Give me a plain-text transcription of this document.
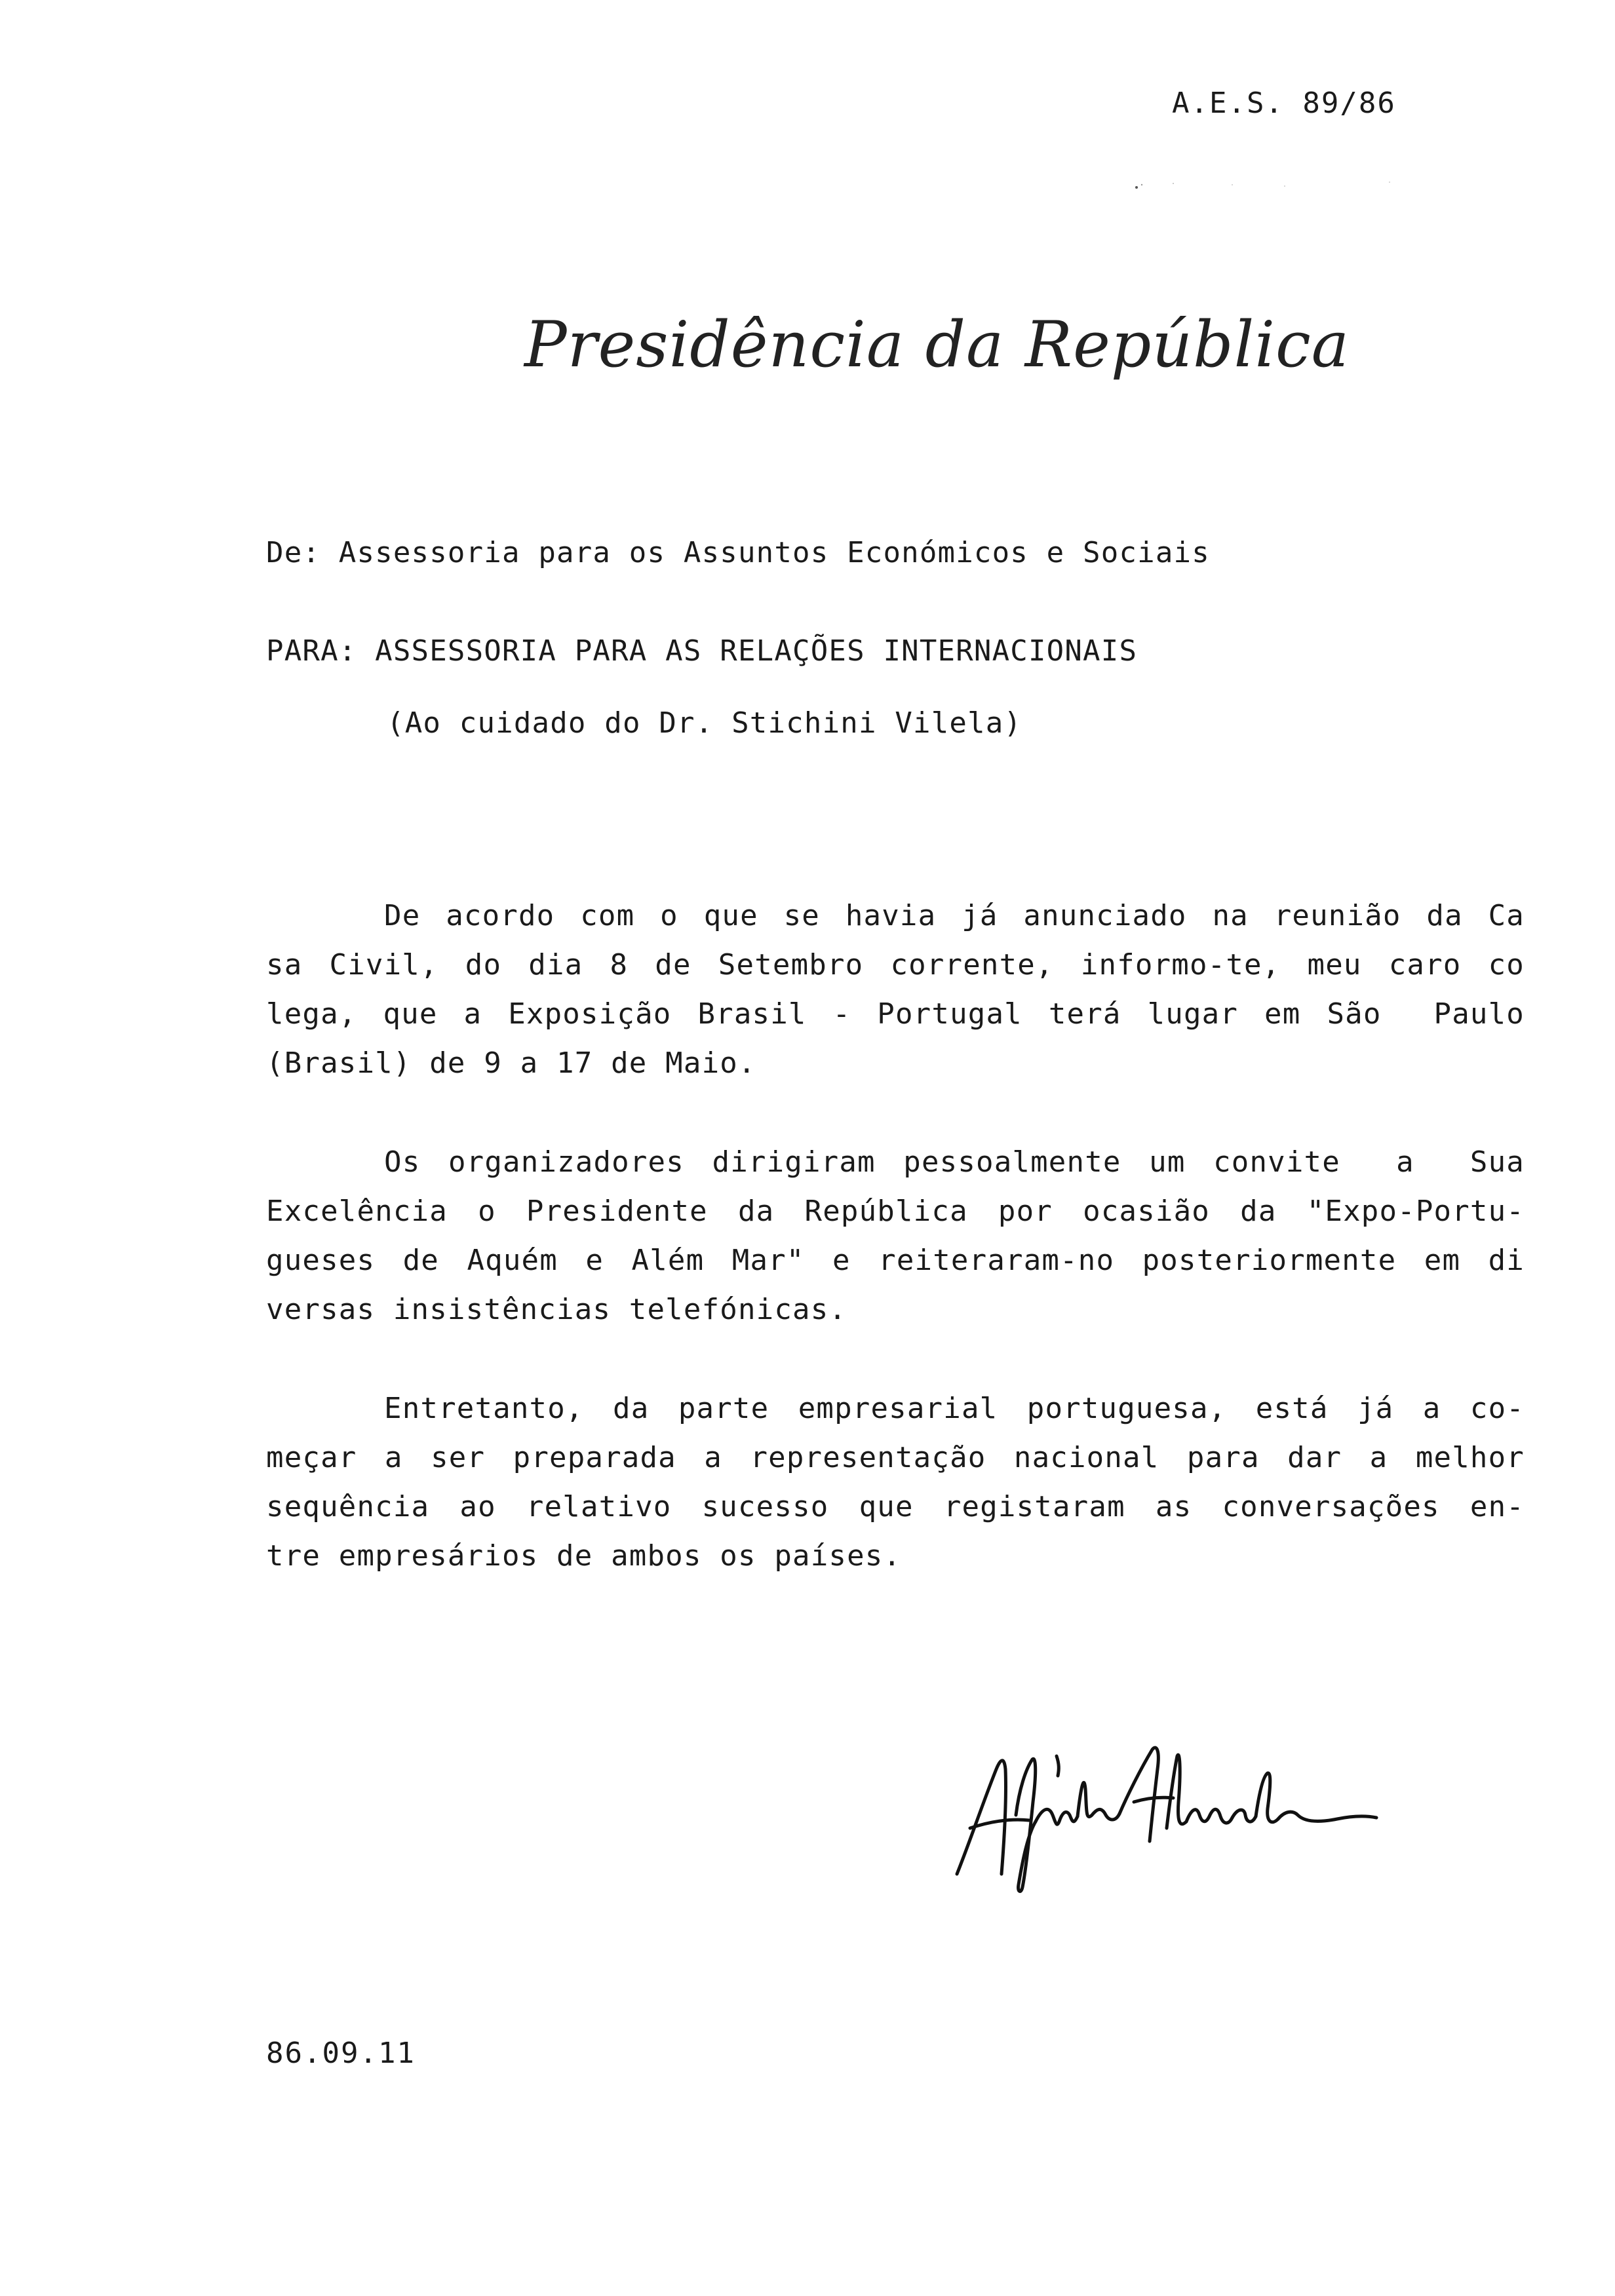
A.E.S. 89/86
Presidência da República
De: Assessoria para os Assuntos Económicos e Sociais
PARA: ASSESSORIA PARA AS RELAÇÕES INTERNACIONAIS
(Ao cuidado do Dr. Stichini Vilela)
De acordo com o que se havia já anunciado na reunião da Ca
sa Civil, do dia 8 de Setembro corrente, informo-te, meu caro co
lega, que a Exposição Brasil - Portugal terá lugar em São  Paulo
(Brasil) de 9 a 17 de Maio.
Os organizadores dirigiram pessoalmente um convite  a  Sua
Excelência o Presidente da República por ocasião da "Expo-Portu-
gueses de Aquém e Além Mar" e reiteraram-no posteriormente em di
versas insistências telefónicas.
Entretanto, da parte empresarial portuguesa, está já a co-
meçar a ser preparada a representação nacional para dar a melhor
sequência ao relativo sucesso que registaram as conversações en-
tre empresários de ambos os países.
86.09.11
